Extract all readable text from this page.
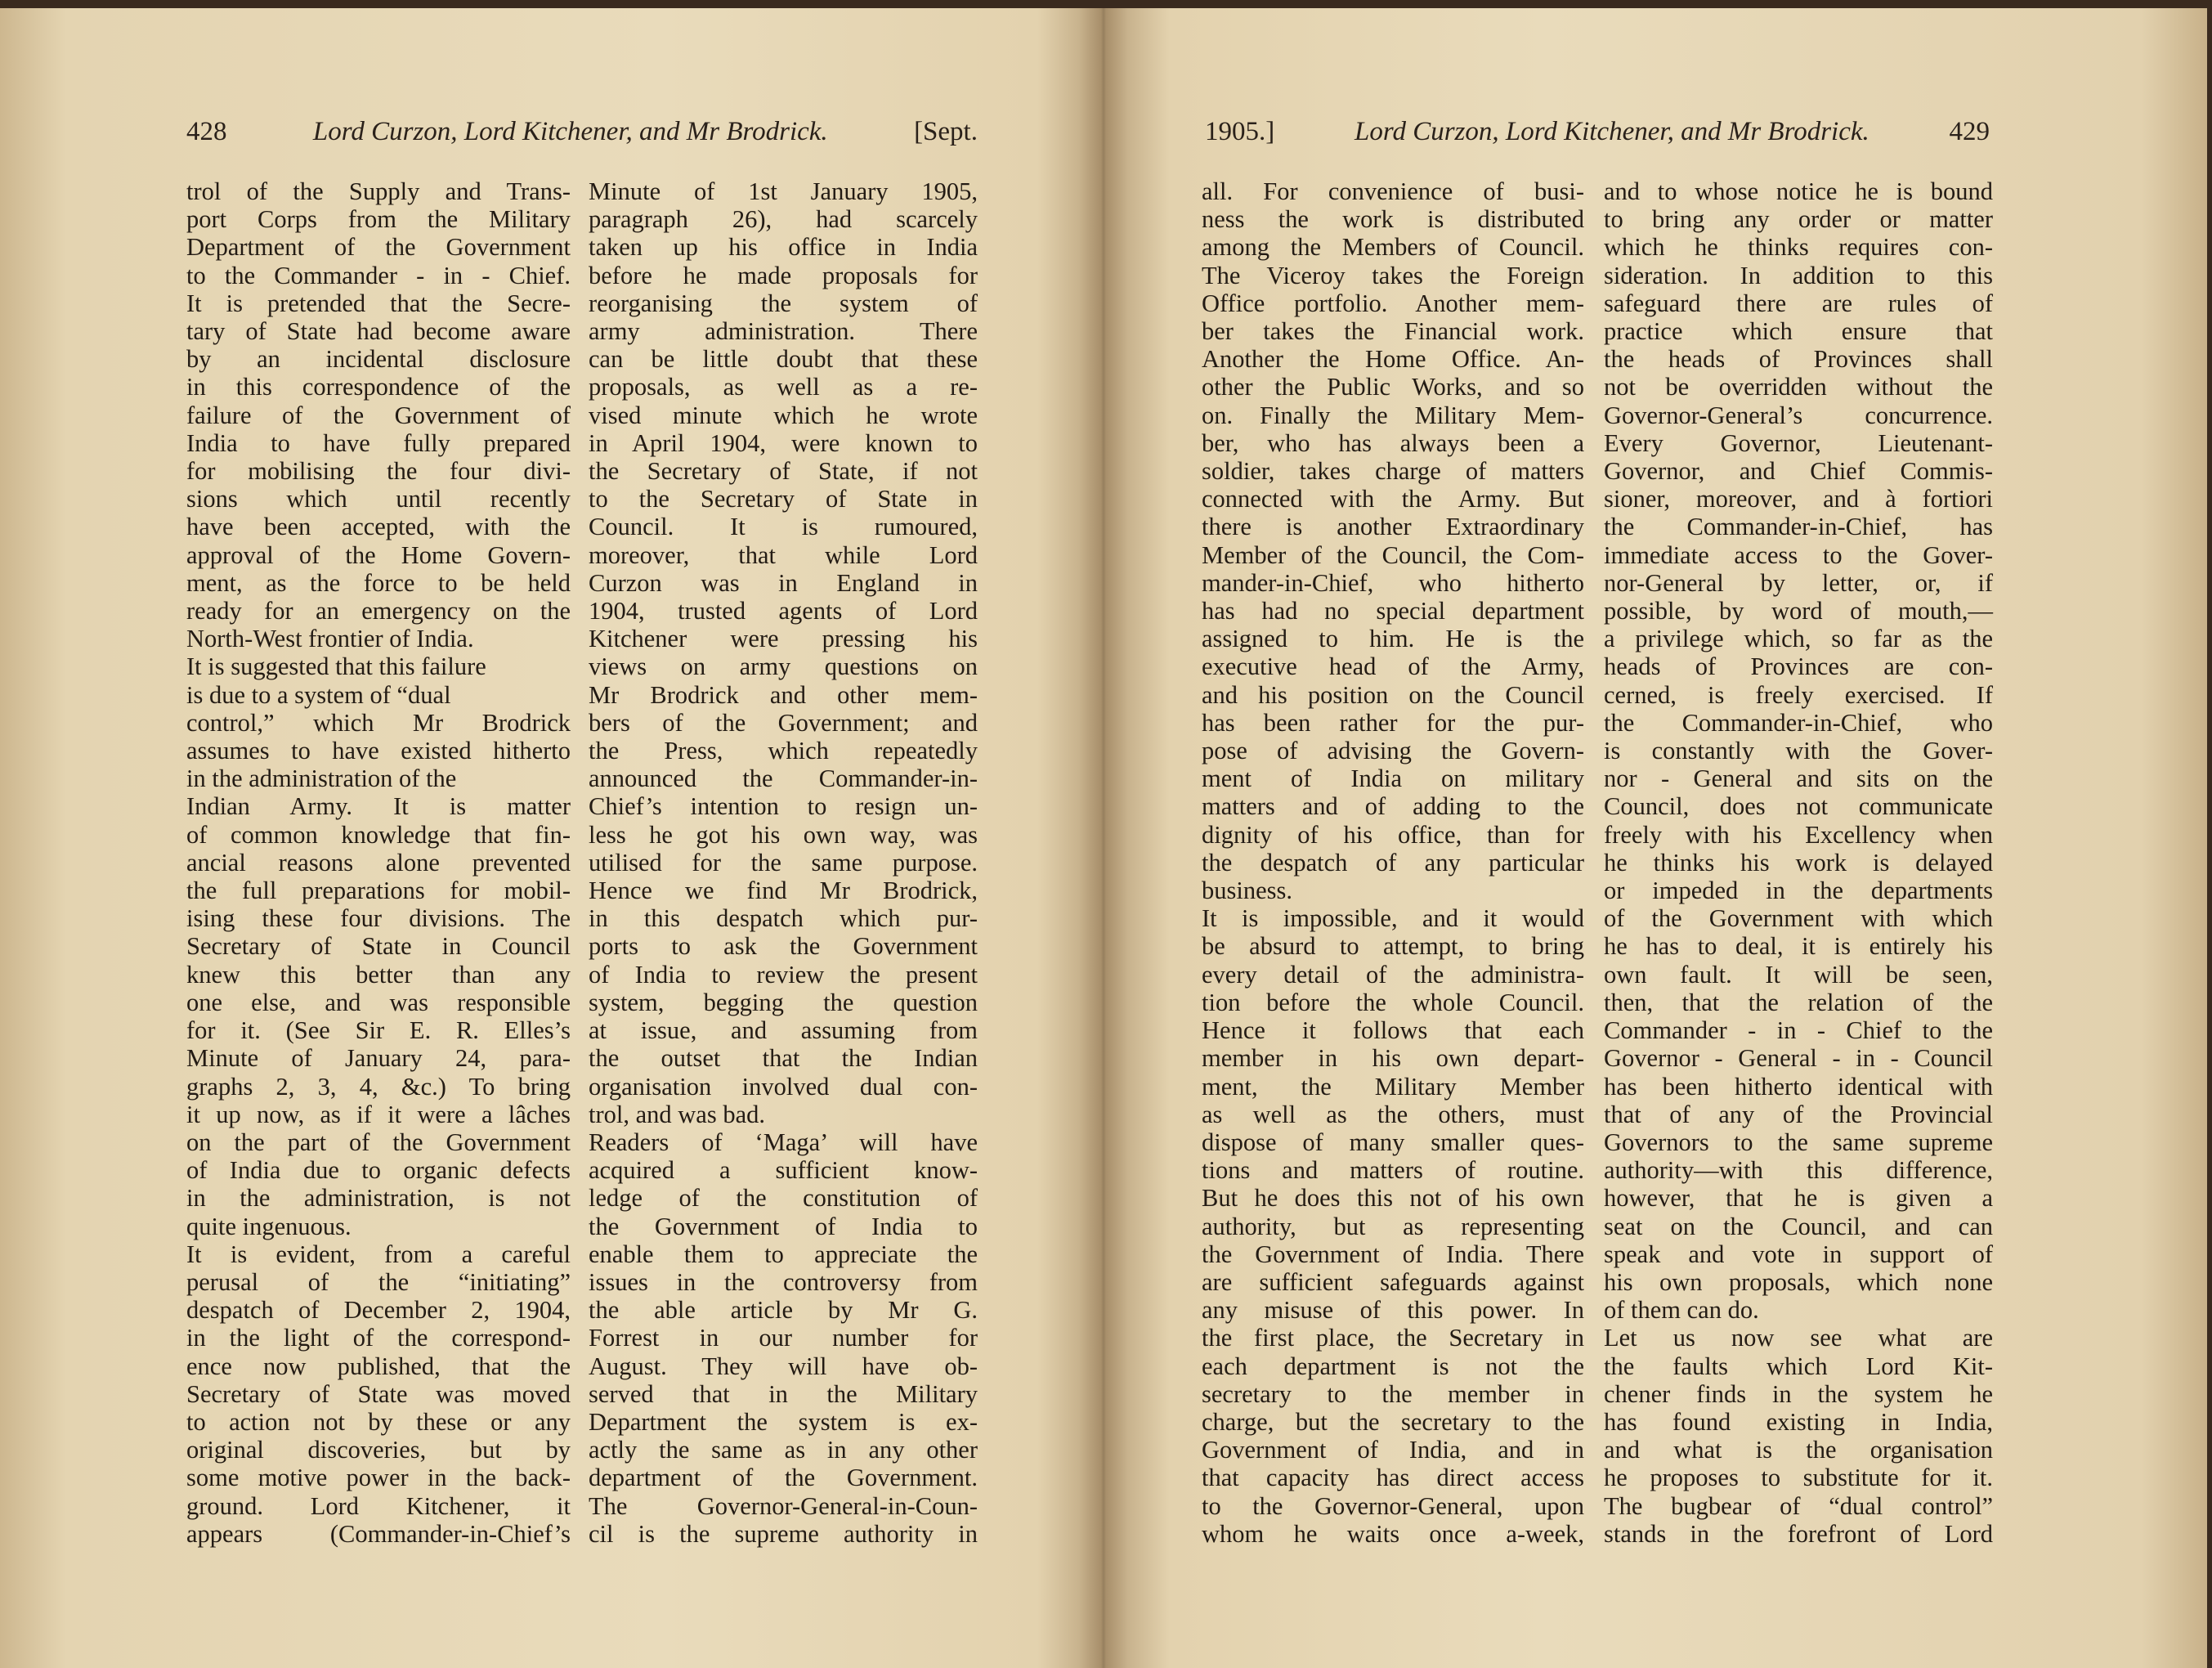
428	Lord Curzon, Lord Kitchener, and Mr Brodrick.	[Sept.
trol of the Supply and Trans-
port Corps from the Military
Department of the Government
to the Commander - in - Chief.
It is pretended that the Secre-
tary of State had become aware
by an incidental disclosure
in this correspondence of the
failure of the Government of
India to have fully prepared
for mobilising the four divi-
sions which until recently
have been accepted, with the
approval of the Home Govern-
ment, as the force to be held
ready for an emergency on the
North-West frontier of India.
It is suggested that this failure
is due to a system of “dual
control,” which Mr Brodrick
assumes to have existed hitherto
in the administration of the
Indian Army. It is matter
of common knowledge that fin-
ancial reasons alone prevented
the full preparations for mobil-
ising these four divisions. The
Secretary of State in Council
knew this better than any
one else, and was responsible
for it. (See Sir E. R. Elles’s
Minute of January 24, para-
graphs 2, 3, 4, &c.) To bring
it up now, as if it were a lâches
on the part of the Government
of India due to organic defects
in the administration, is not
quite ingenuous.
It is evident, from a careful
perusal of the “initiating”
despatch of December 2, 1904,
in the light of the correspond-
ence now published, that the
Secretary of State was moved
to action not by these or any
original discoveries, but by
some motive power in the back-
ground. Lord Kitchener, it
appears (Commander-in-Chief’s
Minute of 1st January 1905,
paragraph 26), had scarcely
taken up his office in India
before he made proposals for
reorganising the system of
army administration. There
can be little doubt that these
proposals, as well as a re-
vised minute which he wrote
in April 1904, were known to
the Secretary of State, if not
to the Secretary of State in
Council. It is rumoured,
moreover, that while Lord
Curzon was in England in
1904, trusted agents of Lord
Kitchener were pressing his
views on army questions on
Mr Brodrick and other mem-
bers of the Government; and
the Press, which repeatedly
announced the Commander-in-
Chief’s intention to resign un-
less he got his own way, was
utilised for the same purpose.
Hence we find Mr Brodrick,
in this despatch which pur-
ports to ask the Government
of India to review the present
system, begging the question
at issue, and assuming from
the outset that the Indian
organisation involved dual con-
trol, and was bad.
Readers of ‘Maga’ will have
acquired a sufficient know-
ledge of the constitution of
the Government of India to
enable them to appreciate the
issues in the controversy from
the able article by Mr G.
Forrest in our number for
August. They will have ob-
served that in the Military
Department the system is ex-
actly the same as in any other
department of the Government.
The Governor-General-in-Coun-
cil is the supreme authority in
1905.]	Lord Curzon, Lord Kitchener, and Mr Brodrick.	429
all. For convenience of busi-
ness the work is distributed
among the Members of Council.
The Viceroy takes the Foreign
Office portfolio. Another mem-
ber takes the Financial work.
Another the Home Office. An-
other the Public Works, and so
on. Finally the Military Mem-
ber, who has always been a
soldier, takes charge of matters
connected with the Army. But
there is another Extraordinary
Member of the Council, the Com-
mander-in-Chief, who hitherto
has had no special department
assigned to him. He is the
executive head of the Army,
and his position on the Council
has been rather for the pur-
pose of advising the Govern-
ment of India on military
matters and of adding to the
dignity of his office, than for
the despatch of any particular
business.
It is impossible, and it would
be absurd to attempt, to bring
every detail of the administra-
tion before the whole Council.
Hence it follows that each
member in his own depart-
ment, the Military Member
as well as the others, must
dispose of many smaller ques-
tions and matters of routine.
But he does this not of his own
authority, but as representing
the Government of India. There
are sufficient safeguards against
any misuse of this power. In
the first place, the Secretary in
each department is not the
secretary to the member in
charge, but the secretary to the
Government of India, and in
that capacity has direct access
to the Governor-General, upon
whom he waits once a-week,
and to whose notice he is bound
to bring any order or matter
which he thinks requires con-
sideration. In addition to this
safeguard there are rules of
practice which ensure that
the heads of Provinces shall
not be overridden without the
Governor-General’s concurrence.
Every Governor, Lieutenant-
Governor, and Chief Commis-
sioner, moreover, and à fortiori
the Commander-in-Chief, has
immediate access to the Gover-
nor-General by letter, or, if
possible, by word of mouth,—
a privilege which, so far as the
heads of Provinces are con-
cerned, is freely exercised. If
the Commander-in-Chief, who
is constantly with the Gover-
nor - General and sits on the
Council, does not communicate
freely with his Excellency when
he thinks his work is delayed
or impeded in the departments
of the Government with which
he has to deal, it is entirely his
own fault. It will be seen,
then, that the relation of the
Commander - in - Chief to the
Governor - General - in - Council
has been hitherto identical with
that of any of the Provincial
Governors to the same supreme
authority—with this difference,
however, that he is given a
seat on the Council, and can
speak and vote in support of
his own proposals, which none
of them can do.
Let us now see what are
the faults which Lord Kit-
chener finds in the system he
has found existing in India,
and what is the organisation
he proposes to substitute for it.
The bugbear of “dual control”
stands in the forefront of Lord
